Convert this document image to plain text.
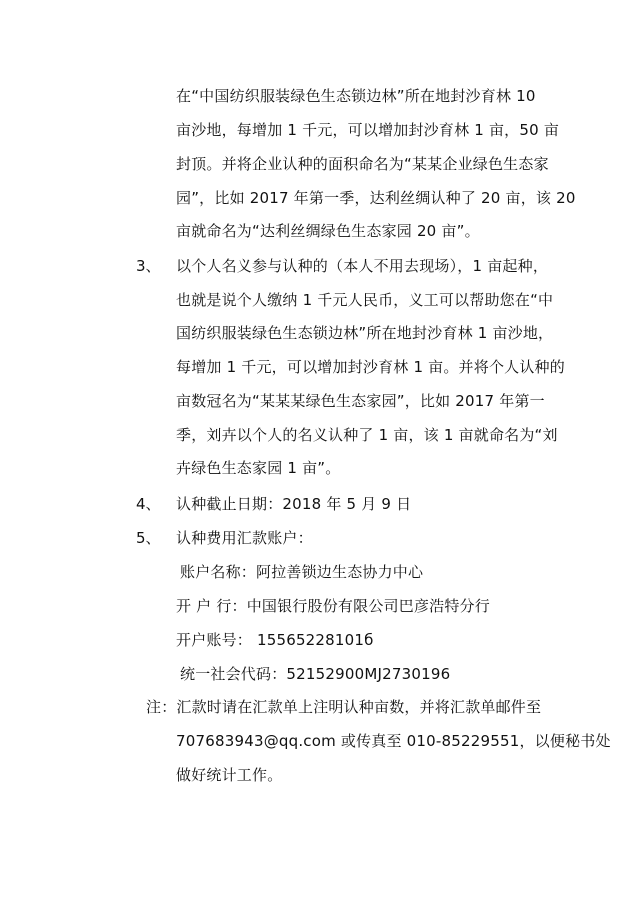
在“中国纺织服装绿色生态锁边林”所在地封沙育林 10
亩沙地，每增加 1 千元，可以增加封沙育林 1 亩，50 亩
封顶。并将企业认种的面积命名为“某某企业绿色生态家
园”，比如 2017 年第一季，达利丝绸认种了 20 亩，该 20
亩就命名为“达利丝绸绿色生态家园 20 亩”。
3、 以个人名义参与认种的（本人不用去现场），1 亩起种，
也就是说个人缴纳 1 千元人民币，义工可以帮助您在“中
国纺织服装绿色生态锁边林”所在地封沙育林 1 亩沙地，
每增加 1 千元，可以增加封沙育林 1 亩。并将个人认种的
亩数冠名为“某某某绿色生态家园”，比如 2017 年第一
季，刘卉以个人的名义认种了 1 亩，该 1 亩就命名为“刘
卉绿色生态家园 1 亩”。
4、 认种截止日期：2018 年 5 月 9 日
5、 认种费用汇款账户：
账户名称：阿拉善锁边生态协力中心
开 户 行：中国银行股份有限公司巴彦浩特分行
开户账号： 15565228101б
统一社会代码：52152900MJ2730196
注：汇款时请在汇款单上注明认种亩数，并将汇款单邮件至
707683943@qq.com 或传真至 010-85229551，以便秘书处
做好统计工作。
